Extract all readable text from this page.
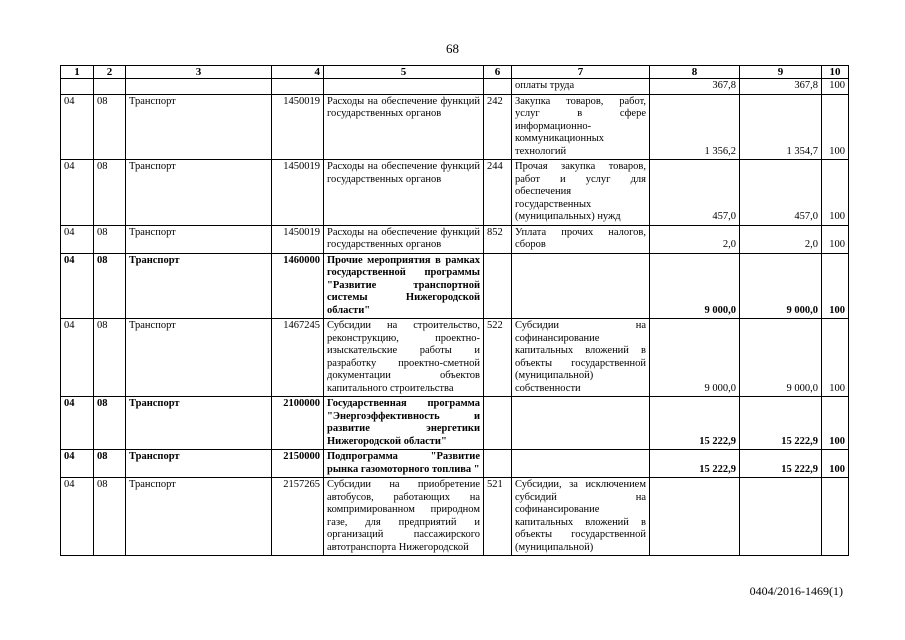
68
1	2	3	4	5	6	7	8	9	10
						оплаты труда	367,8	367,8	100
04	08	Транспорт	1450019	Расходы на обеспечение функций государственных органов	242	Закупка товаров, работ, услуг в сфере информационно-коммуникационных технологий	1 356,2	1 354,7	100
04	08	Транспорт	1450019	Расходы на обеспечение функций государственных органов	244	Прочая закупка товаров, работ и услуг для обеспечения государственных (муниципальных) нужд	457,0	457,0	100
04	08	Транспорт	1450019	Расходы на обеспечение функций государственных органов	852	Уплата прочих налогов, сборов	2,0	2,0	100
04	08	Транспорт	1460000	Прочие мероприятия в рамках государственной программы "Развитие транспортной системы Нижегородской области"			9 000,0	9 000,0	100
04	08	Транспорт	1467245	Субсидии на строительство, реконструкцию, проектно-изыскательские работы и разработку проектно-сметной документации объектов капитального строительства	522	Субсидии на софинансирование капитальных вложений в объекты государственной (муниципальной) собственности	9 000,0	9 000,0	100
04	08	Транспорт	2100000	Государственная программа "Энергоэффективность и развитие энергетики Нижегородской области"			15 222,9	15 222,9	100
04	08	Транспорт	2150000	Подпрограмма "Развитие рынка газомоторного топлива "			15 222,9	15 222,9	100
04	08	Транспорт	2157265	Субсидии на приобретение автобусов, работающих на компримированном природном газе, для предприятий и организаций пассажирского автотранспорта Нижегородской	521	Субсидии, за исключением субсидий на софинансирование капитальных вложений в объекты государственной (муниципальной)			
0404/2016-1469(1)
